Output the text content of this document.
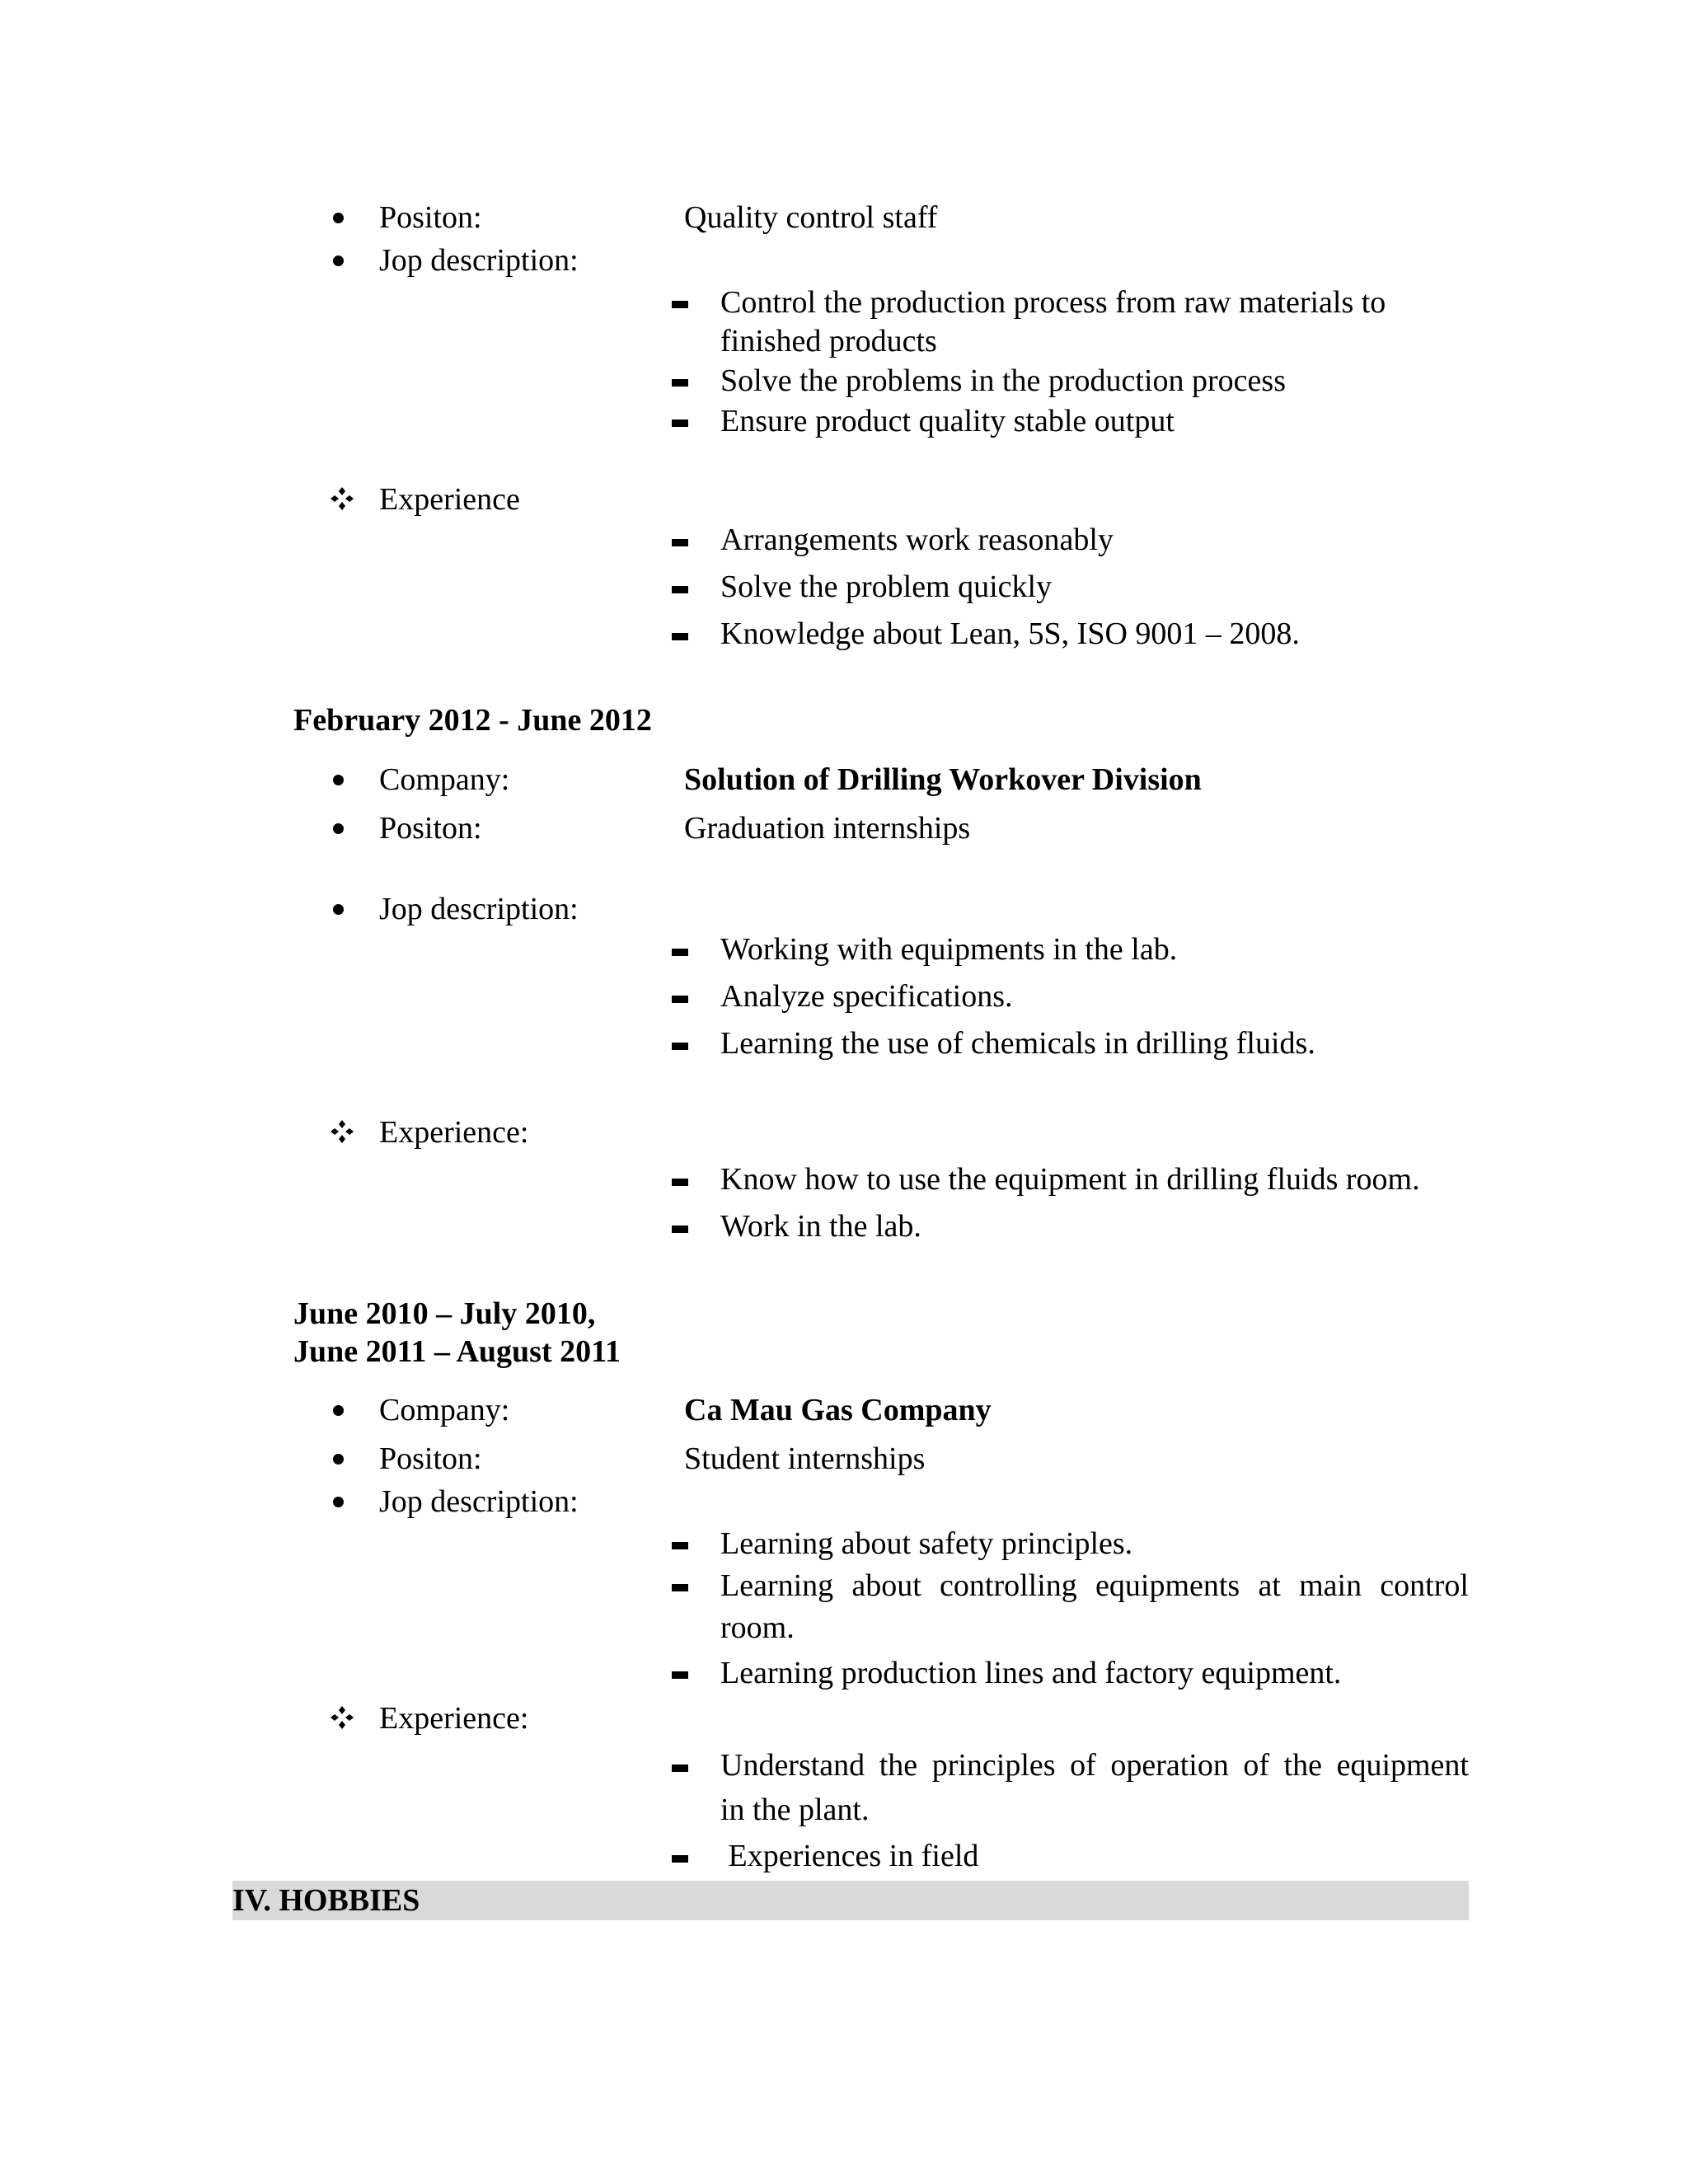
Positon:	Quality control staff
Jop description:
Control the production process from raw materials to
finished products
Solve the problems in the production process
Ensure product quality stable output
Experience
Arrangements work reasonably
Solve the problem quickly
Knowledge about Lean, 5S, ISO 9001 – 2008.
February 2012 - June 2012
Company:	Solution of Drilling Workover Division
Positon:	Graduation internships
Jop description:
Working with equipments in the lab.
Analyze specifications.
Learning the use of chemicals in drilling fluids.
Experience:
Know how to use the equipment in drilling fluids room.
Work in the lab.
June 2010 – July 2010,
June 2011 – August 2011
Company:	Ca Mau Gas Company
Positon:	Student internships
Jop description:
Learning about safety principles.
Learning about controlling equipments at main control
room.
Learning production lines and factory equipment.
Experience:
Understand the principles of operation of the equipment
in the plant.
Experiences in field
IV. HOBBIES
